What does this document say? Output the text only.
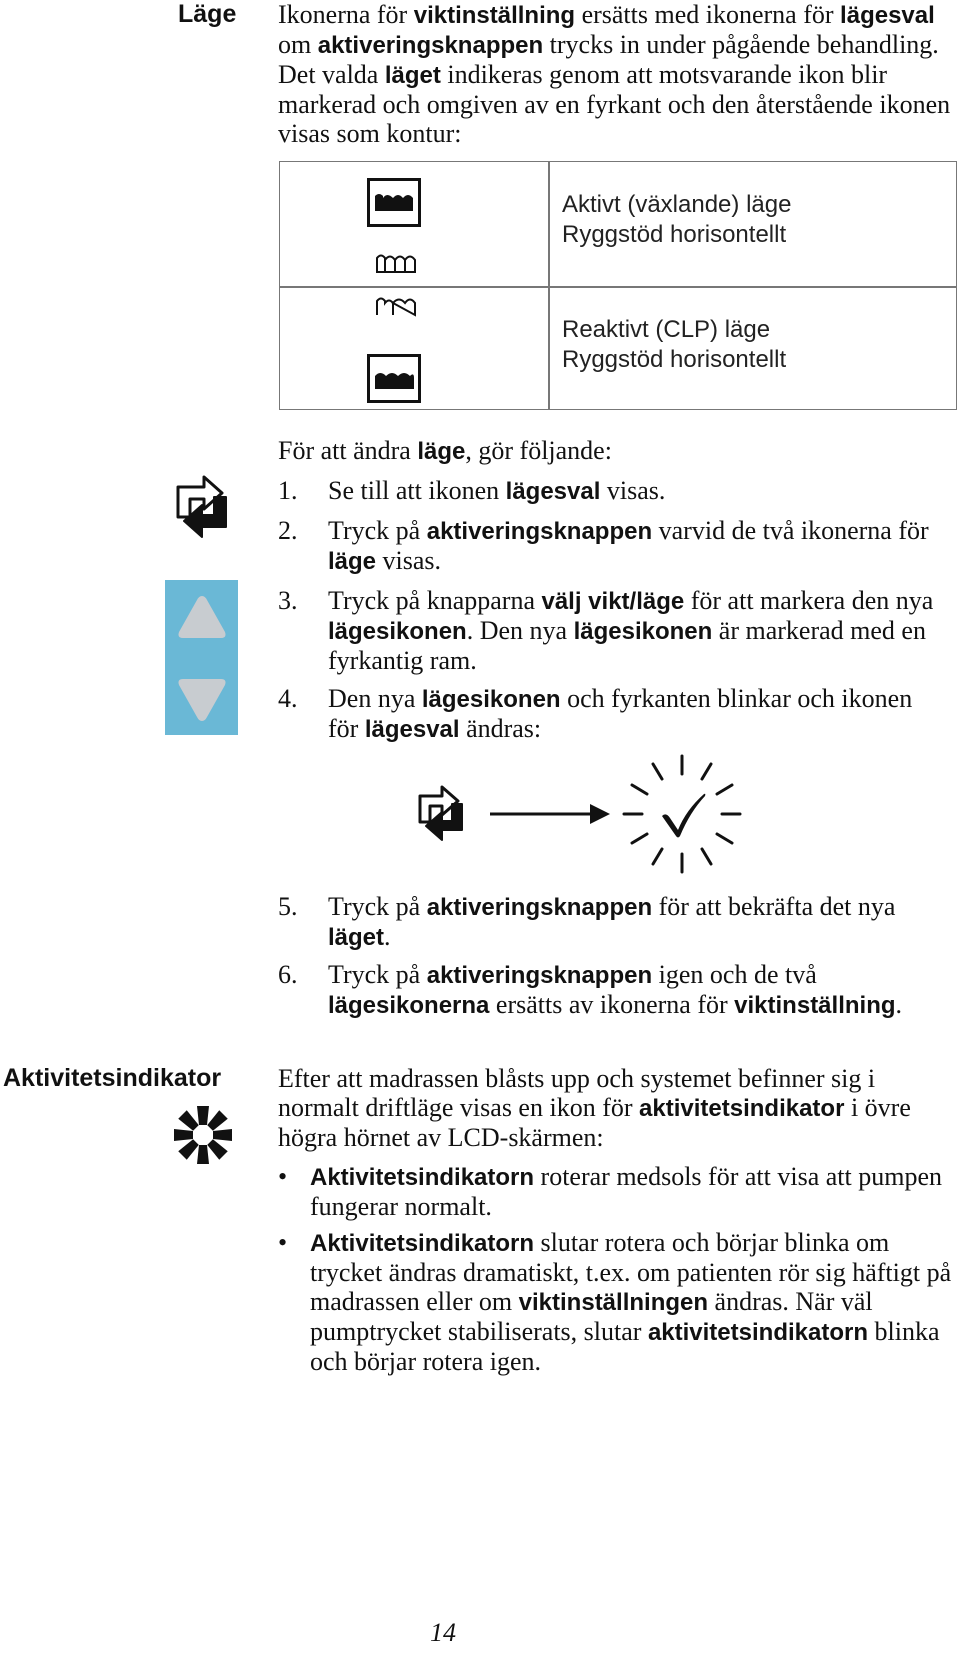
Läge Ikonerna för viktinställning ersätts med ikonerna för lägesval om aktiveringsknappen trycks in under pågående behandling. Det valda läget indikeras genom att motsvarande ikon blir markerad och omgiven av en fyrkant och den återstående ikonen visas som kontur:
Aktivt (växlande) läge
Ryggstöd horisontellt
Reaktivt (CLP) läge
Ryggstöd horisontellt
För att ändra läge, gör följande:
1. Se till att ikonen lägesval visas.
2. Tryck på aktiveringsknappen varvid de två ikonerna för läge visas.
3. Tryck på knapparna välj vikt/läge för att markera den nya lägesikonen. Den nya lägesikonen är markerad med en fyrkantig ram.
4. Den nya lägesikonen och fyrkanten blinkar och ikonen för lägesval ändras:
5. Tryck på aktiveringsknappen för att bekräfta det nya läget.
6. Tryck på aktiveringsknappen igen och de två lägesikonerna ersätts av ikonerna för viktinställning.
Aktivitetsindikator Efter att madrassen blåsts upp och systemet befinner sig i normalt driftläge visas en ikon för aktivitetsindikator i övre högra hörnet av LCD-skärmen:
• Aktivitetsindikatorn roterar medsols för att visa att pumpen fungerar normalt.
• Aktivitetsindikatorn slutar rotera och börjar blinka om trycket ändras dramatiskt, t.ex. om patienten rör sig häftigt på madrassen eller om viktinställningen ändras. När väl pumptrycket stabiliserats, slutar aktivitetsindikatorn blinka och börjar rotera igen.
14
